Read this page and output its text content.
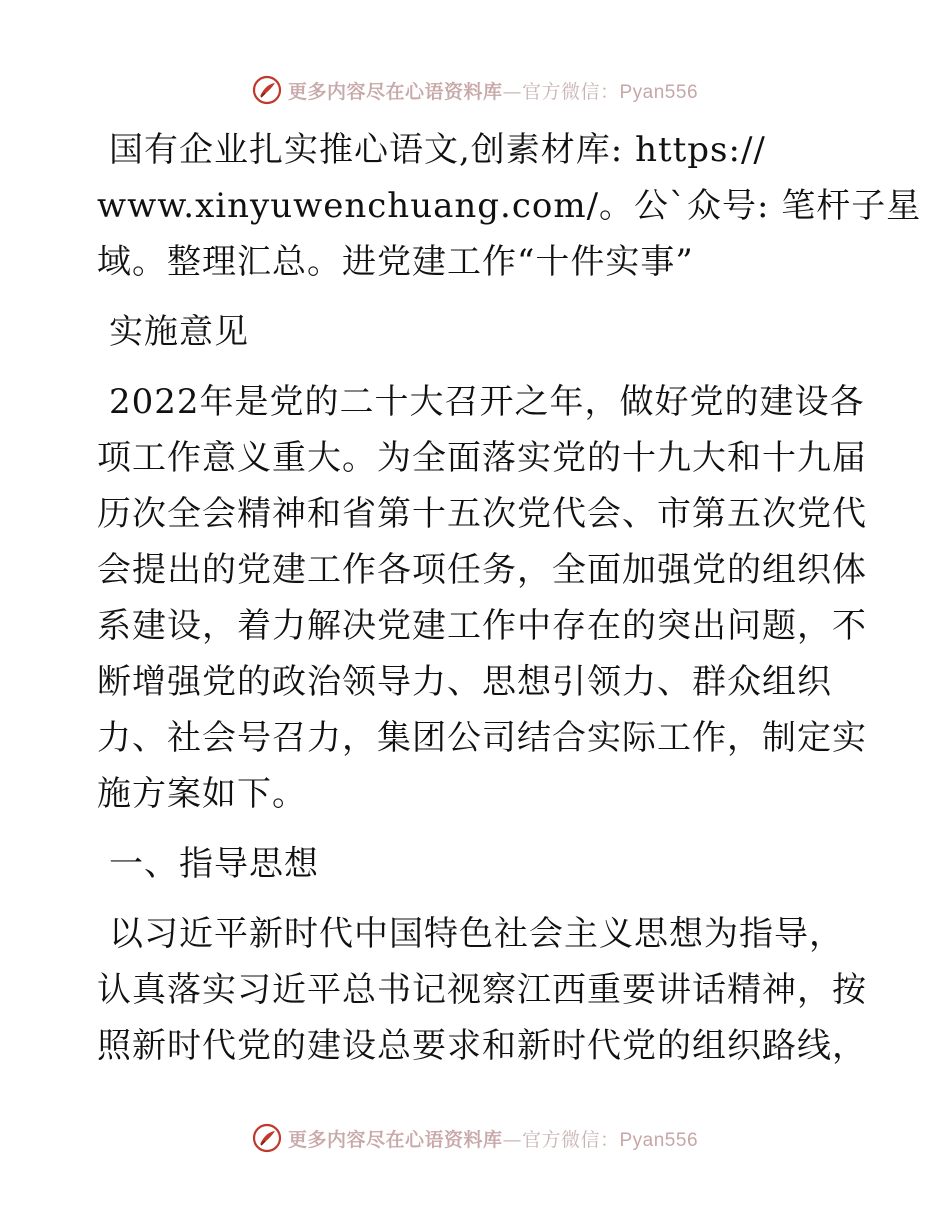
更多内容尽在心语资料库—官方微信：Pyan556
国有企业扎实推心语文,创素材库: https://
www.xinyuwenchuang.com/。公`众号: 笔杆子星
域。整理汇总。进党建工作“十件实事”
实施意见
2022年是党的二十大召开之年，做好党的建设各
项工作意义重大。为全面落实党的十九大和十九届
历次全会精神和省第十五次党代会、市第五次党代
会提出的党建工作各项任务，全面加强党的组织体
系建设，着力解决党建工作中存在的突出问题，不
断增强党的政治领导力、思想引领力、群众组织
力、社会号召力，集团公司结合实际工作，制定实
施方案如下。
一、指导思想
以习近平新时代中国特色社会主义思想为指导，
认真落实习近平总书记视察江西重要讲话精神，按
照新时代党的建设总要求和新时代党的组织路线，
更多内容尽在心语资料库—官方微信：Pyan556
